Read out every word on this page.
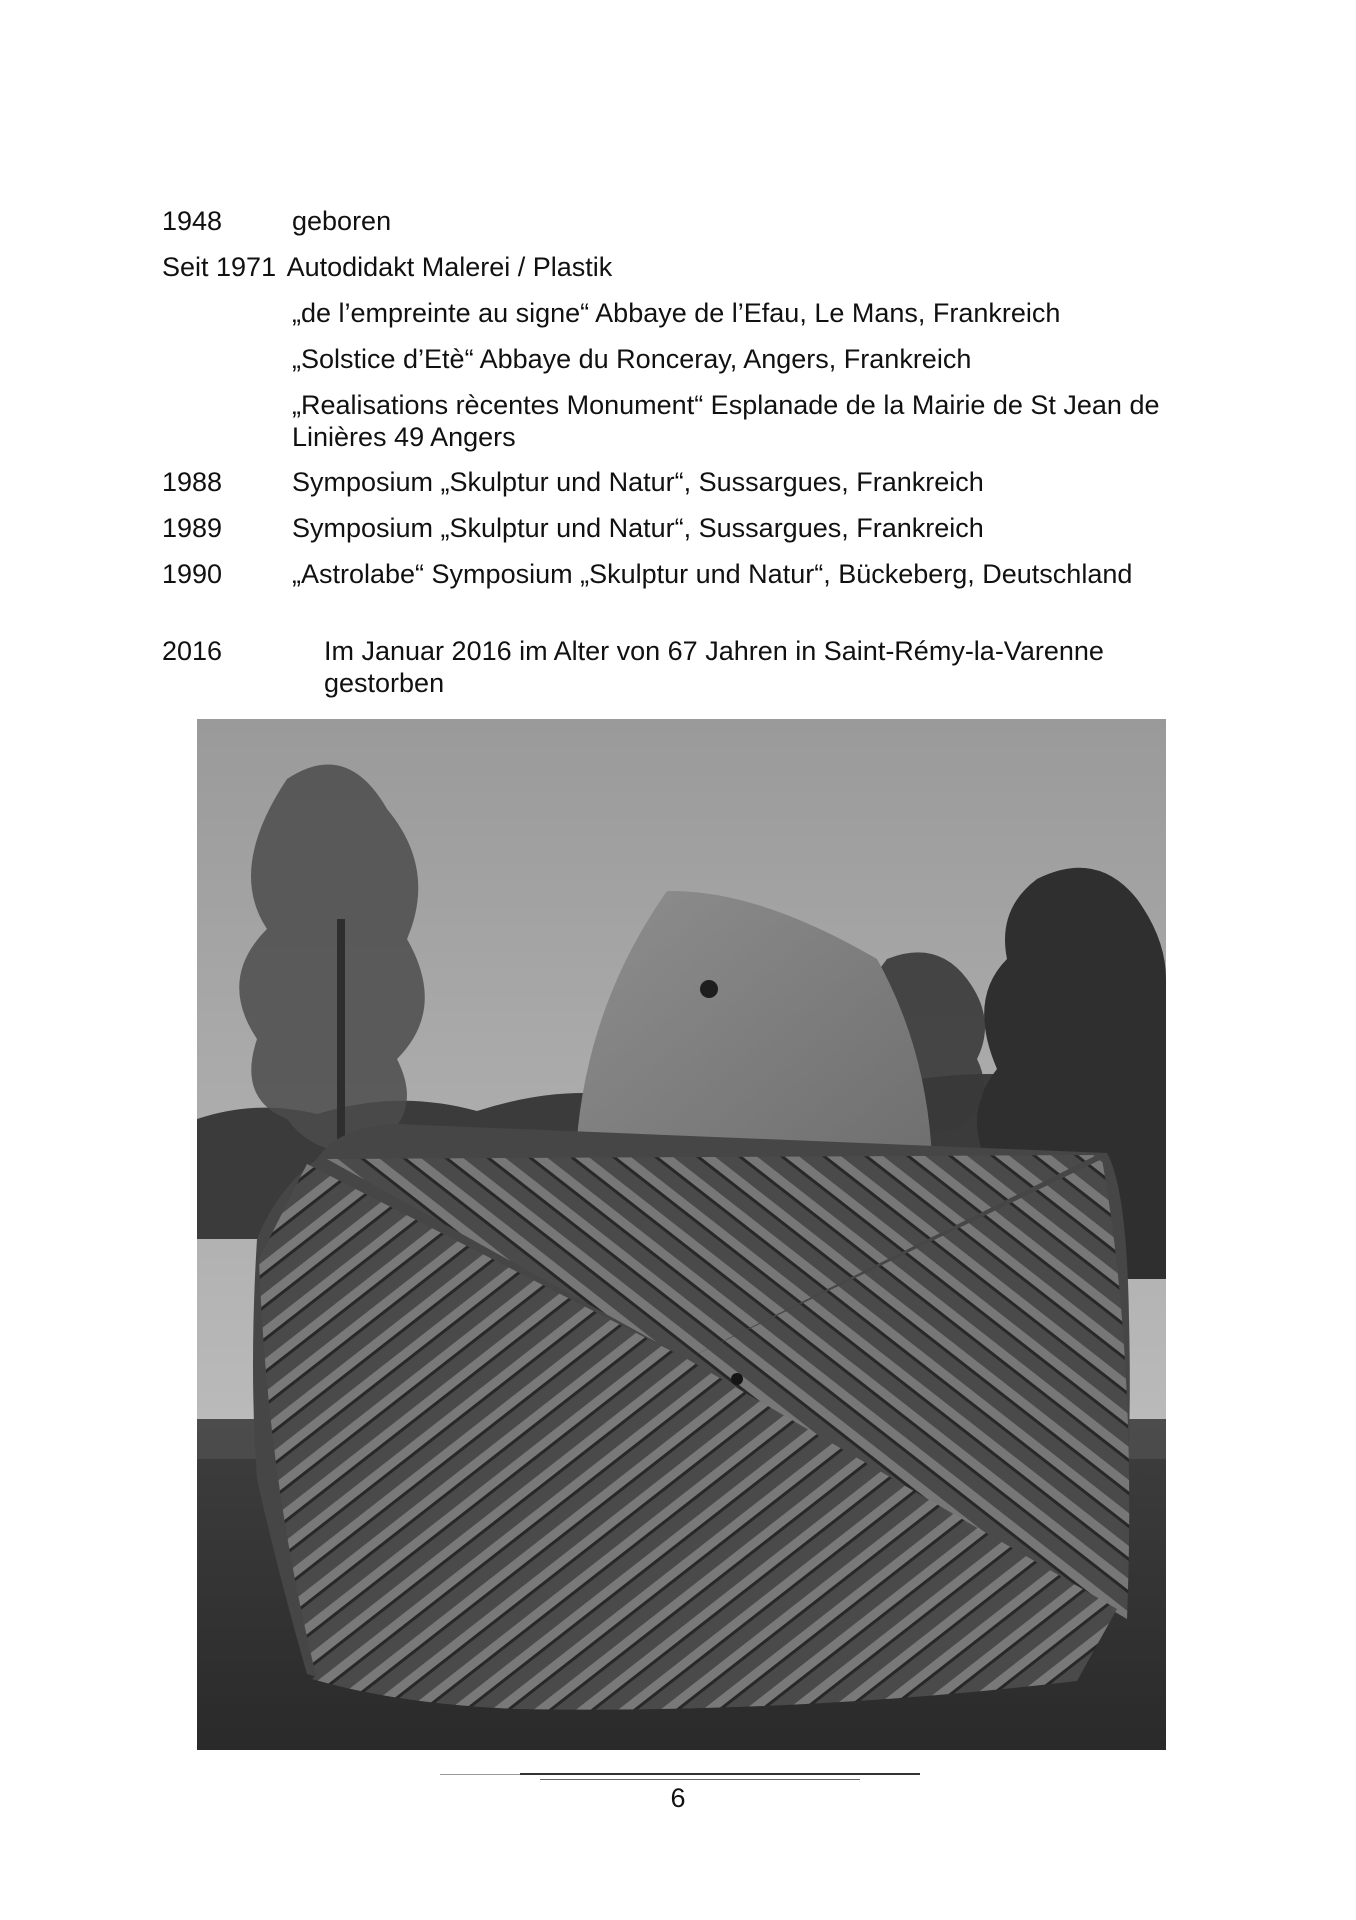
1948	geboren
Seit 1971 Autodidakt Malerei / Plastik
„de l’empreinte au signe“ Abbaye de l’Efau, Le Mans, Frankreich
„Solstice d’Etè“ Abbaye du Ronceray, Angers, Frankreich
„Realisations rècentes Monument“ Esplanade de la Mairie de St Jean de Linières 49 Angers
1988	Symposium „Skulptur und Natur“, Sussargues, Frankreich
1989	Symposium „Skulptur und Natur“, Sussargues, Frankreich
1990	„Astrolabe“ Symposium „Skulptur und Natur“, Bückeberg, Deutschland
2016	Im Januar 2016 im Alter von 67 Jahren in Saint-Rémy-la-Varenne gestorben
6
